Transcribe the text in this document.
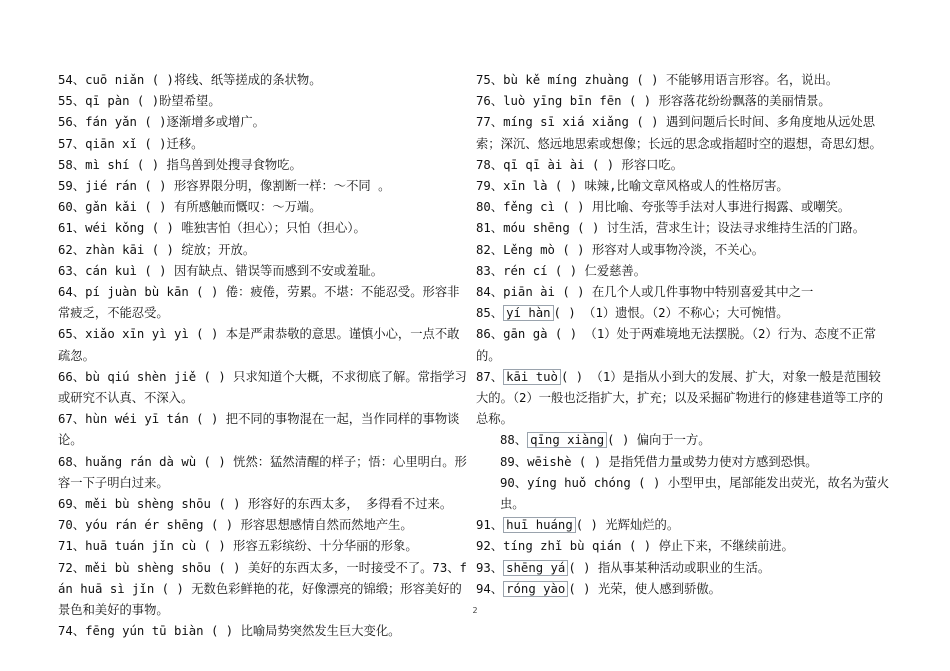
54、cuō niǎn ( )将线、纸等搓成的条状物。
55、qī pàn ( )盼望希望。
56、fán yǎn ( )逐渐增多或增广。
57、qiān xǐ ( )迁移。
58、mì shí ( ) 指鸟兽到处搜寻食物吃。
59、jié rán ( ) 形容界限分明，像割断一样：～不同 。
60、gǎn kǎi ( ) 有所感触而慨叹：～万端。
61、wéi kǒng ( ) 唯独害怕（担心）；只怕（担心）。
62、zhàn kāi ( ) 绽放；开放。
63、cán kuì ( ) 因有缺点、错误等而感到不安或羞耻。
64、pí juàn bù kān ( ) 倦：疲倦，劳累。不堪：不能忍受。形容非常疲乏，不能忍受。
65、xiǎo xīn yì yì ( ) 本是严肃恭敬的意思。谨慎小心，一点不敢疏忽。
66、bù qiú shèn jiě ( ) 只求知道个大概，不求彻底了解。常指学习或研究不认真、不深入。
67、hùn wéi yī tán ( ) 把不同的事物混在一起，当作同样的事物谈论。
68、huǎng rán dà wù ( ) 恍然：猛然清醒的样子；悟：心里明白。形容一下子明白过来。
69、měi bù shèng shōu ( ) 形容好的东西太多， 多得看不过来。
70、yóu rán ér shēng ( ) 形容思想感情自然而然地产生。
71、huā tuán jǐn cù ( ) 形容五彩缤纷、十分华丽的形象。
72、měi bù shèng shōu ( ) 美好的东西太多，一时接受不了。73、fán huā sì jǐn ( ) 无数色彩鲜艳的花，好像漂亮的锦缎；形容美好的景色和美好的事物。
74、fēng yún tū biàn ( ) 比喻局势突然发生巨大变化。
75、bù kě míng zhuàng ( ) 不能够用语言形容。名，说出。
76、luò yīng bīn fēn ( ) 形容落花纷纷飘落的美丽情景。
77、míng sī xiá xiǎng ( ) 遇到问题后长时间、多角度地从远处思索；深沉、悠远地思索或想像；长远的思念或指超时空的遐想，奇思幻想。
78、qī qī ài ài ( ) 形容口吃。
79、xīn là ( ) 味辣,比喻文章风格或人的性格厉害。
80、fěng cì ( ) 用比喻、夸张等手法对人事进行揭露、或嘲笑。
81、móu shēng ( ) 讨生活，营求生计；设法寻求维持生活的门路。
82、Lěng mò ( ) 形容对人或事物冷淡，不关心。
83、rén cí ( ) 仁爱慈善。
84、piān ài ( ) 在几个人或几件事物中特别喜爱其中之一
85、 yí hàn ( ) （1）遗恨。（2）不称心；大可惋惜。
86、gān gà ( ) （1）处于两难境地无法摆脱。（2）行为、态度不正常的。
87、 kāi tuò ( ) （1）是指从小到大的发展、扩大，对象一般是范围较大的。（2）一般也泛指扩大，扩充；以及采掘矿物进行的修建巷道等工序的总称。
88、 qīng xiàng ( ) 偏向于一方。
89、wēishè ( ) 是指凭借力量或势力使对方感到恐惧。
90、yíng huǒ chóng ( ) 小型甲虫，尾部能发出荧光，故名为萤火虫。
91、 huī huáng ( ) 光辉灿烂的。
92、tíng zhǐ bù qián ( ) 停止下来，不继续前进。
93、 shēng yá ( ) 指从事某种活动或职业的生活。
94、 róng yào ( ) 光荣，使人感到骄傲。
2
